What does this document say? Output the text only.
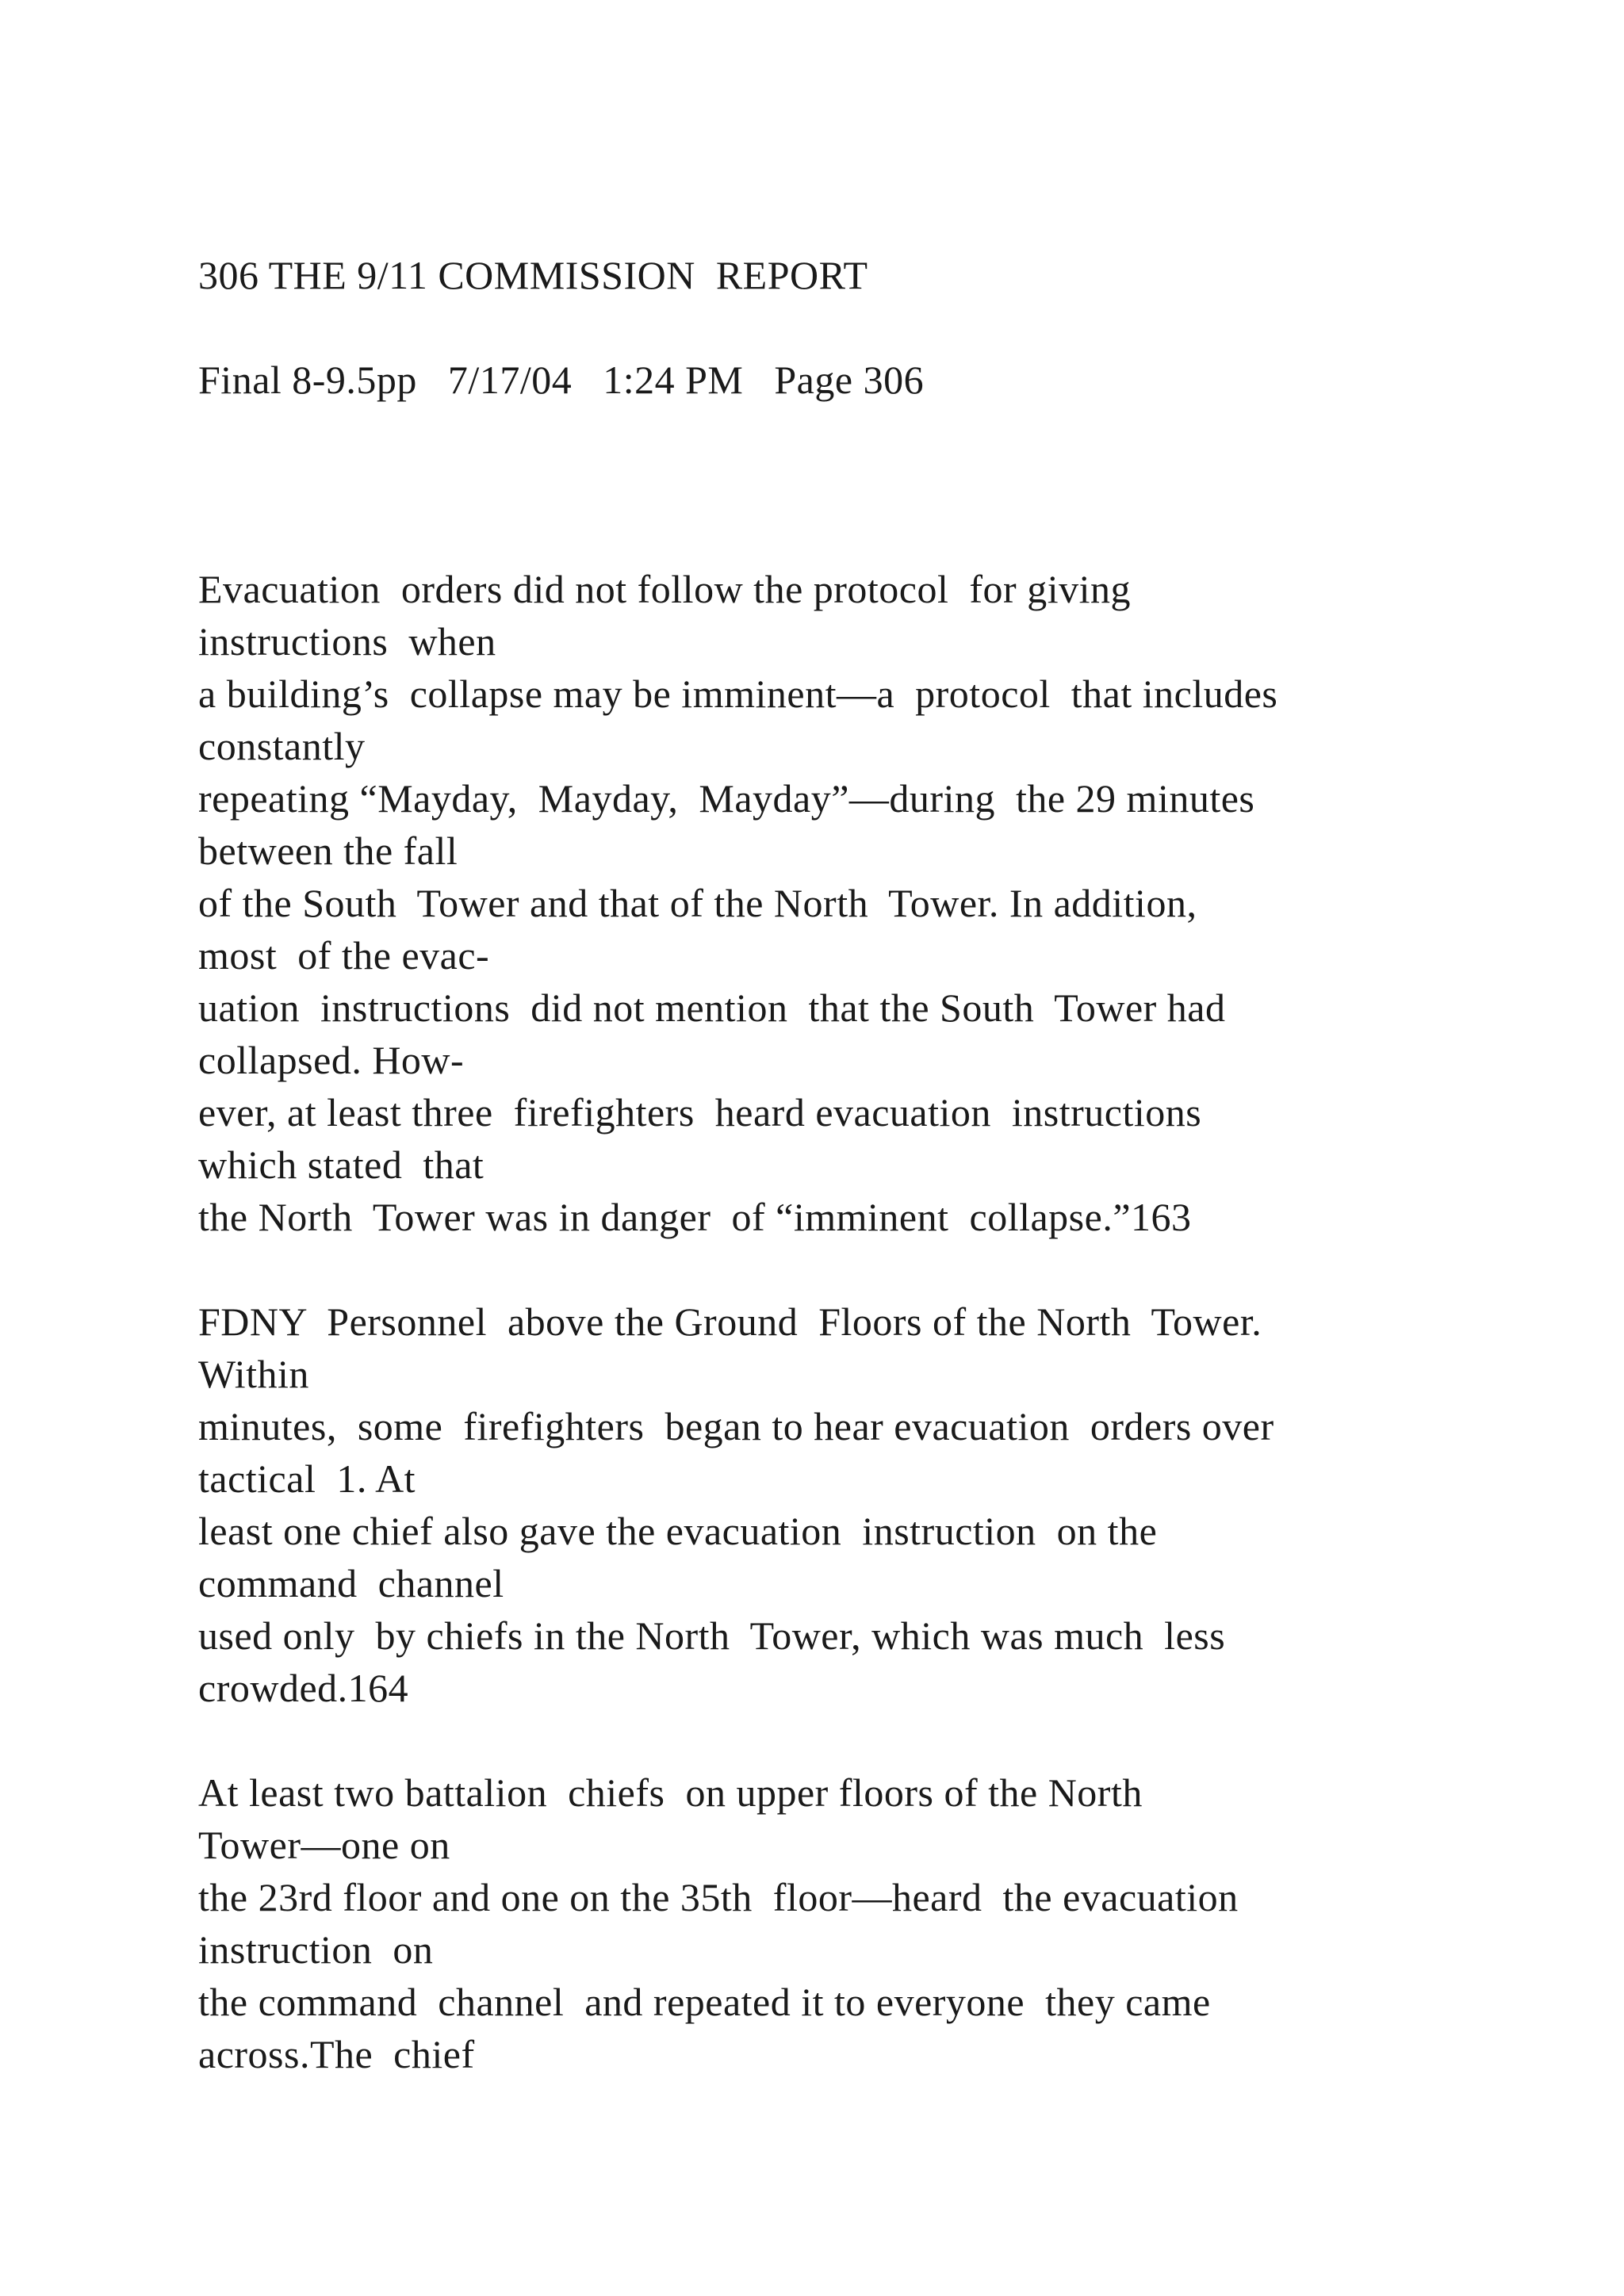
306 THE 9/11 COMMISSION  REPORT
Final 8-9.5pp   7/17/04   1:24 PM   Page 306
Evacuation  orders did not follow the protocol  for giving
instructions  when
a building’s  collapse may be imminent—a  protocol  that includes
constantly
repeating “Mayday,  Mayday,  Mayday”—during  the 29 minutes
between the fall
of the South  Tower and that of the North  Tower. In addition,
most  of the evac-
uation  instructions  did not mention  that the South  Tower had
collapsed. How-
ever, at least three  firefighters  heard evacuation  instructions
which stated  that
the North  Tower was in danger  of “imminent  collapse.”163
FDNY  Personnel  above the Ground  Floors of the North  Tower.
Within
minutes,  some  firefighters  began to hear evacuation  orders over
tactical  1. At
least one chief also gave the evacuation  instruction  on the
command  channel
used only  by chiefs in the North  Tower, which was much  less
crowded.164
At least two battalion  chiefs  on upper floors of the North
Tower—one on
the 23rd floor and one on the 35th  floor—heard  the evacuation
instruction  on
the command  channel  and repeated it to everyone  they came
across.The  chief
